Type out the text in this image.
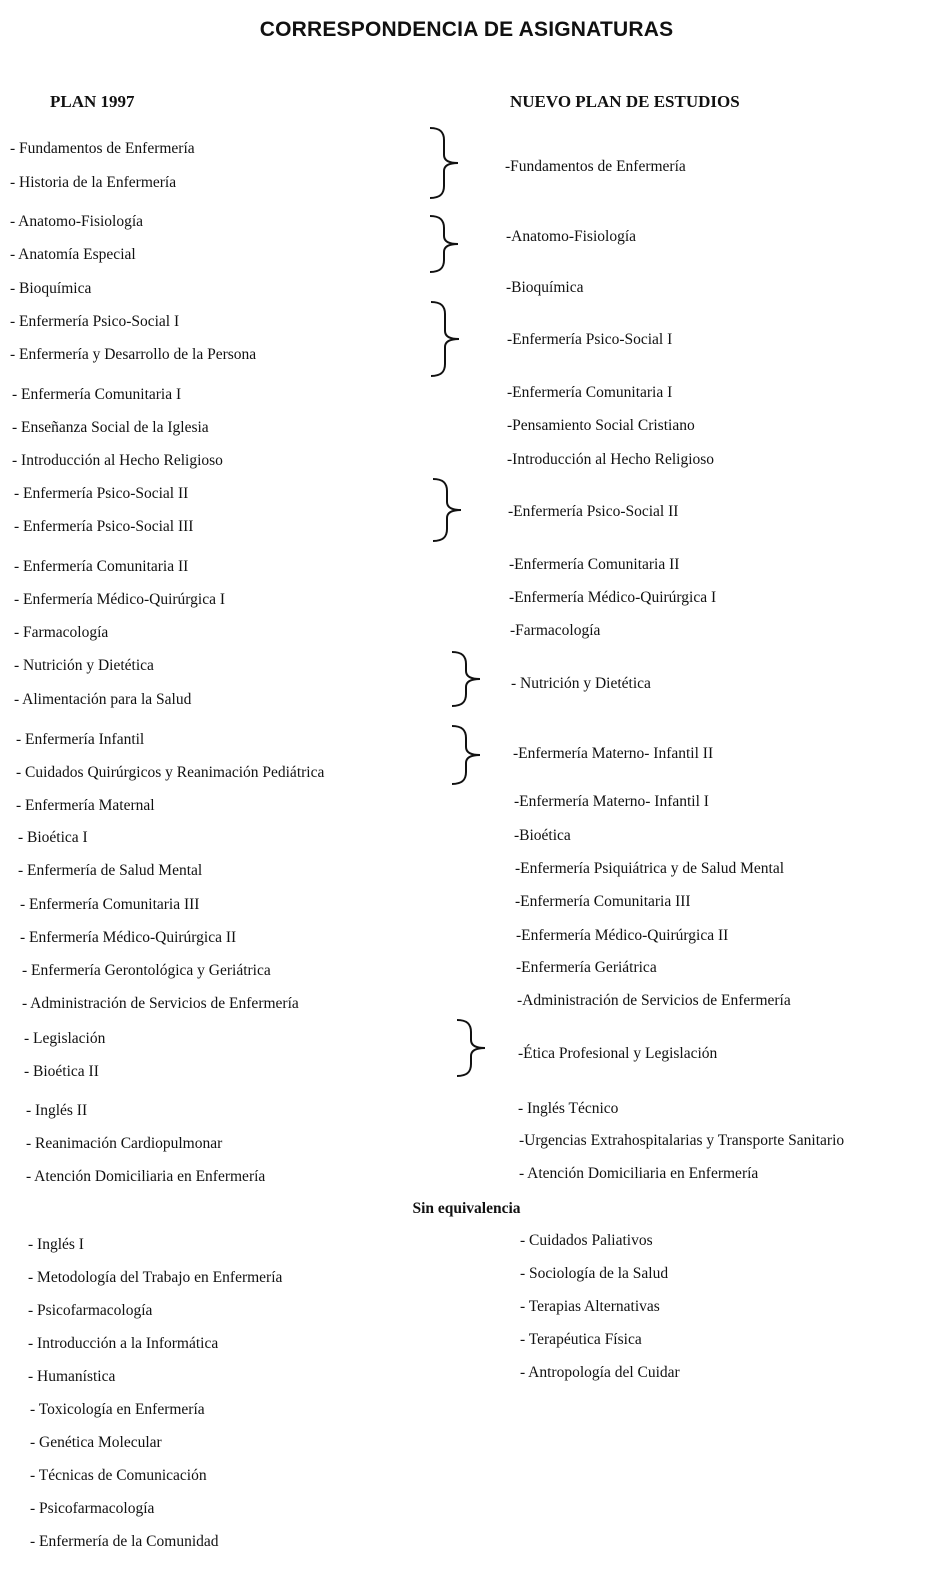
CORRESPONDENCIA DE ASIGNATURAS
PLAN 1997	NUEVO PLAN DE ESTUDIOS
- Fundamentos de Enfermería
- Historia de la Enfermería
- Anatomo-Fisiología
- Anatomía Especial
- Bioquímica
- Enfermería Psico-Social I
- Enfermería y Desarrollo de la Persona
- Enfermería Comunitaria I
- Enseñanza Social de la Iglesia
- Introducción al Hecho Religioso
- Enfermería Psico-Social II
- Enfermería Psico-Social III
- Enfermería Comunitaria II
- Enfermería Médico-Quirúrgica I
- Farmacología
- Nutrición y Dietética
- Alimentación para la Salud
- Enfermería Infantil
- Cuidados Quirúrgicos y Reanimación Pediátrica
- Enfermería Maternal
- Bioética I
- Enfermería de Salud Mental
- Enfermería Comunitaria III
- Enfermería Médico-Quirúrgica II
- Enfermería Gerontológica y Geriátrica
- Administración de Servicios de Enfermería
- Legislación
- Bioética II
- Inglés II
- Reanimación Cardiopulmonar
- Atención Domiciliaria en Enfermería
-Fundamentos de Enfermería
-Anatomo-Fisiología
-Bioquímica
-Enfermería Psico-Social I
-Enfermería Comunitaria I
-Pensamiento Social Cristiano
-Introducción al Hecho Religioso
-Enfermería Psico-Social II
-Enfermería Comunitaria II
-Enfermería Médico-Quirúrgica I
-Farmacología
- Nutrición y Dietética
-Enfermería Materno- Infantil II
-Enfermería Materno- Infantil I
-Bioética
-Enfermería Psiquiátrica y de Salud Mental
-Enfermería Comunitaria III
-Enfermería Médico-Quirúrgica II
-Enfermería Geriátrica
-Administración de Servicios de Enfermería
-Ética Profesional y Legislación
- Inglés Técnico
-Urgencias Extrahospitalarias y Transporte Sanitario
- Atención Domiciliaria en Enfermería
- Inglés I
- Metodología del Trabajo en Enfermería
- Psicofarmacología
- Introducción a la Informática
- Humanística
- Toxicología en Enfermería
- Genética Molecular
- Técnicas de Comunicación
- Psicofarmacología
- Enfermería de la Comunidad
- Cuidados Paliativos
- Sociología de la Salud
- Terapias Alternativas
- Terapéutica Física
- Antropología del Cuidar
Sin equivalencia
